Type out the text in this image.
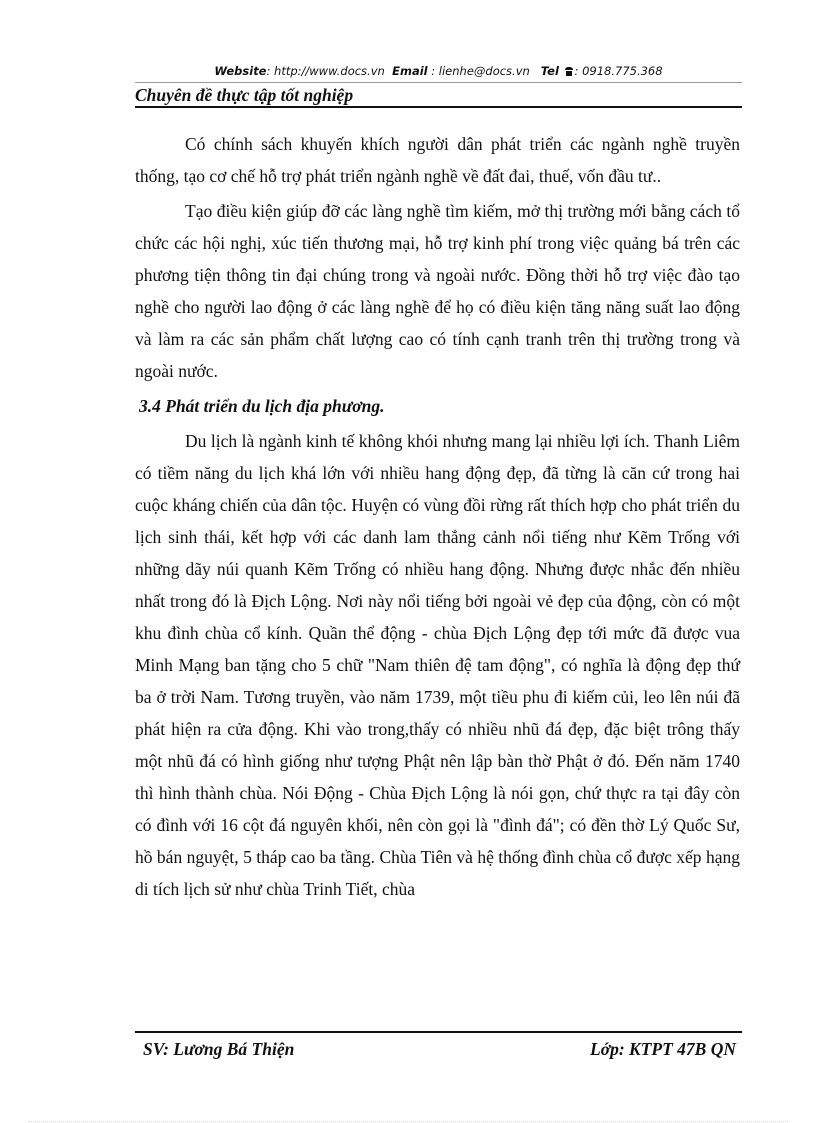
Website: http://www.docs.vn Email : lienhe@docs.vn Tel : 0918.775.368
Chuyên đề thực tập tốt nghiệp

Có chính sách khuyến khích người dân phát triển các ngành nghề truyền thống, tạo cơ chế hỗ trợ phát triển ngành nghề về đất đai, thuế, vốn đầu tư..

Tạo điều kiện giúp đỡ các làng nghề tìm kiếm, mở thị trường mới bằng cách tổ chức các hội nghị, xúc tiến thương mại, hỗ trợ kinh phí trong việc quảng bá trên các phương tiện thông tin đại chúng trong và ngoài nước. Đồng thời hỗ trợ việc đào tạo nghề cho người lao động ở các làng nghề để họ có điều kiện tăng năng suất lao động và làm ra các sản phẩm chất lượng cao có tính cạnh tranh trên thị trường trong và ngoài nước.

3.4 Phát triển du lịch địa phương.

Du lịch là ngành kinh tế không khói nhưng mang lại nhiều lợi ích. Thanh Liêm có tiềm năng du lịch khá lớn với nhiều hang động đẹp, đã từng là căn cứ trong hai cuộc kháng chiến của dân tộc. Huyện có vùng đồi rừng rất thích hợp cho phát triển du lịch sinh thái, kết hợp với các danh lam thắng cảnh nổi tiếng như Kẽm Trống với những dãy núi quanh Kẽm Trống có nhiều hang động. Nhưng được nhắc đến nhiều nhất trong đó là Địch Lộng. Nơi này nổi tiếng bởi ngoài vẻ đẹp của động, còn có một khu đình chùa cổ kính. Quần thể động - chùa Địch Lộng đẹp tới mức đã được vua Minh Mạng ban tặng cho 5 chữ "Nam thiên đệ tam động", có nghĩa là động đẹp thứ ba ở trời Nam. Tương truyền, vào năm 1739, một tiều phu đi kiếm củi, leo lên núi đã phát hiện ra cửa động. Khi vào trong,thấy có nhiều nhũ đá đẹp, đặc biệt trông thấy một nhũ đá có hình giống như tượng Phật nên lập bàn thờ Phật ở đó. Đến năm 1740 thì hình thành chùa. Nói Động - Chùa Địch Lộng là nói gọn, chứ thực ra tại đây còn có đình với 16 cột đá nguyên khối, nên còn gọi là "đình đá"; có đền thờ Lý Quốc Sư, hồ bán nguyệt, 5 tháp cao ba tầng. Chùa Tiên và hệ thống đình chùa cổ được xếp hạng di tích lịch sử như chùa Trinh Tiết, chùa

SV: Lương Bá Thiện	Lớp: KTPT 47B QN
